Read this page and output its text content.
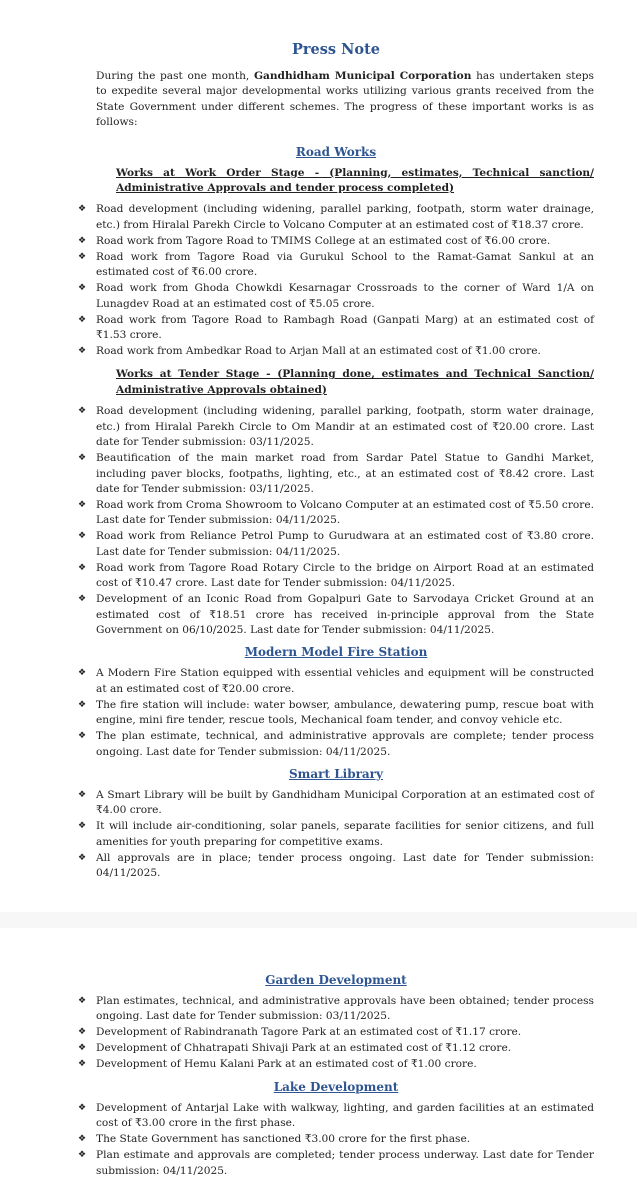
Press Note

During the past one month, Gandhidham Municipal Corporation has undertaken steps to expedite several major developmental works utilizing various grants received from the State Government under different schemes. The progress of these important works is as follows:

Road Works
Works at Work Order Stage - (Planning, estimates, Technical sanction/ Administrative Approvals and tender process completed)
❖ Road development (including widening, parallel parking, footpath, storm water drainage, etc.) from Hiralal Parekh Circle to Volcano Computer at an estimated cost of ₹18.37 crore.
❖ Road work from Tagore Road to TMIMS College at an estimated cost of ₹6.00 crore.
❖ Road work from Tagore Road via Gurukul School to the Ramat-Gamat Sankul at an estimated cost of ₹6.00 crore.
❖ Road work from Ghoda Chowkdi Kesarnagar Crossroads to the corner of Ward 1/A on Lunagdev Road at an estimated cost of ₹5.05 crore.
❖ Road work from Tagore Road to Rambagh Road (Ganpati Marg) at an estimated cost of ₹1.53 crore.
❖ Road work from Ambedkar Road to Arjan Mall at an estimated cost of ₹1.00 crore.
Works at Tender Stage - (Planning done, estimates and Technical Sanction/ Administrative Approvals obtained)
❖ Road development (including widening, parallel parking, footpath, storm water drainage, etc.) from Hiralal Parekh Circle to Om Mandir at an estimated cost of ₹20.00 crore. Last date for Tender submission: 03/11/2025.
❖ Beautification of the main market road from Sardar Patel Statue to Gandhi Market, including paver blocks, footpaths, lighting, etc., at an estimated cost of ₹8.42 crore. Last date for Tender submission: 03/11/2025.
❖ Road work from Croma Showroom to Volcano Computer at an estimated cost of ₹5.50 crore. Last date for Tender submission: 04/11/2025.
❖ Road work from Reliance Petrol Pump to Gurudwara at an estimated cost of ₹3.80 crore. Last date for Tender submission: 04/11/2025.
❖ Road work from Tagore Road Rotary Circle to the bridge on Airport Road at an estimated cost of ₹10.47 crore. Last date for Tender submission: 04/11/2025.
❖ Development of an Iconic Road from Gopalpuri Gate to Sarvodaya Cricket Ground at an estimated cost of ₹18.51 crore has received in-principle approval from the State Government on 06/10/2025. Last date for Tender submission: 04/11/2025.
Modern Model Fire Station
❖ A Modern Fire Station equipped with essential vehicles and equipment will be constructed at an estimated cost of ₹20.00 crore.
❖ The fire station will include: water bowser, ambulance, dewatering pump, rescue boat with engine, mini fire tender, rescue tools, Mechanical foam tender, and convoy vehicle etc.
❖ The plan estimate, technical, and administrative approvals are complete; tender process ongoing. Last date for Tender submission: 04/11/2025.
Smart Library
❖ A Smart Library will be built by Gandhidham Municipal Corporation at an estimated cost of ₹4.00 crore.
❖ It will include air-conditioning, solar panels, separate facilities for senior citizens, and full amenities for youth preparing for competitive exams.
❖ All approvals are in place; tender process ongoing. Last date for Tender submission: 04/11/2025.
Garden Development
❖ Plan estimates, technical, and administrative approvals have been obtained; tender process ongoing. Last date for Tender submission: 03/11/2025.
❖ Development of Rabindranath Tagore Park at an estimated cost of ₹1.17 crore.
❖ Development of Chhatrapati Shivaji Park at an estimated cost of ₹1.12 crore.
❖ Development of Hemu Kalani Park at an estimated cost of ₹1.00 crore.
Lake Development
❖ Development of Antarjal Lake with walkway, lighting, and garden facilities at an estimated cost of ₹3.00 crore in the first phase.
❖ The State Government has sanctioned ₹3.00 crore for the first phase.
❖ Plan estimate and approvals are completed; tender process underway. Last date for Tender submission: 04/11/2025.
